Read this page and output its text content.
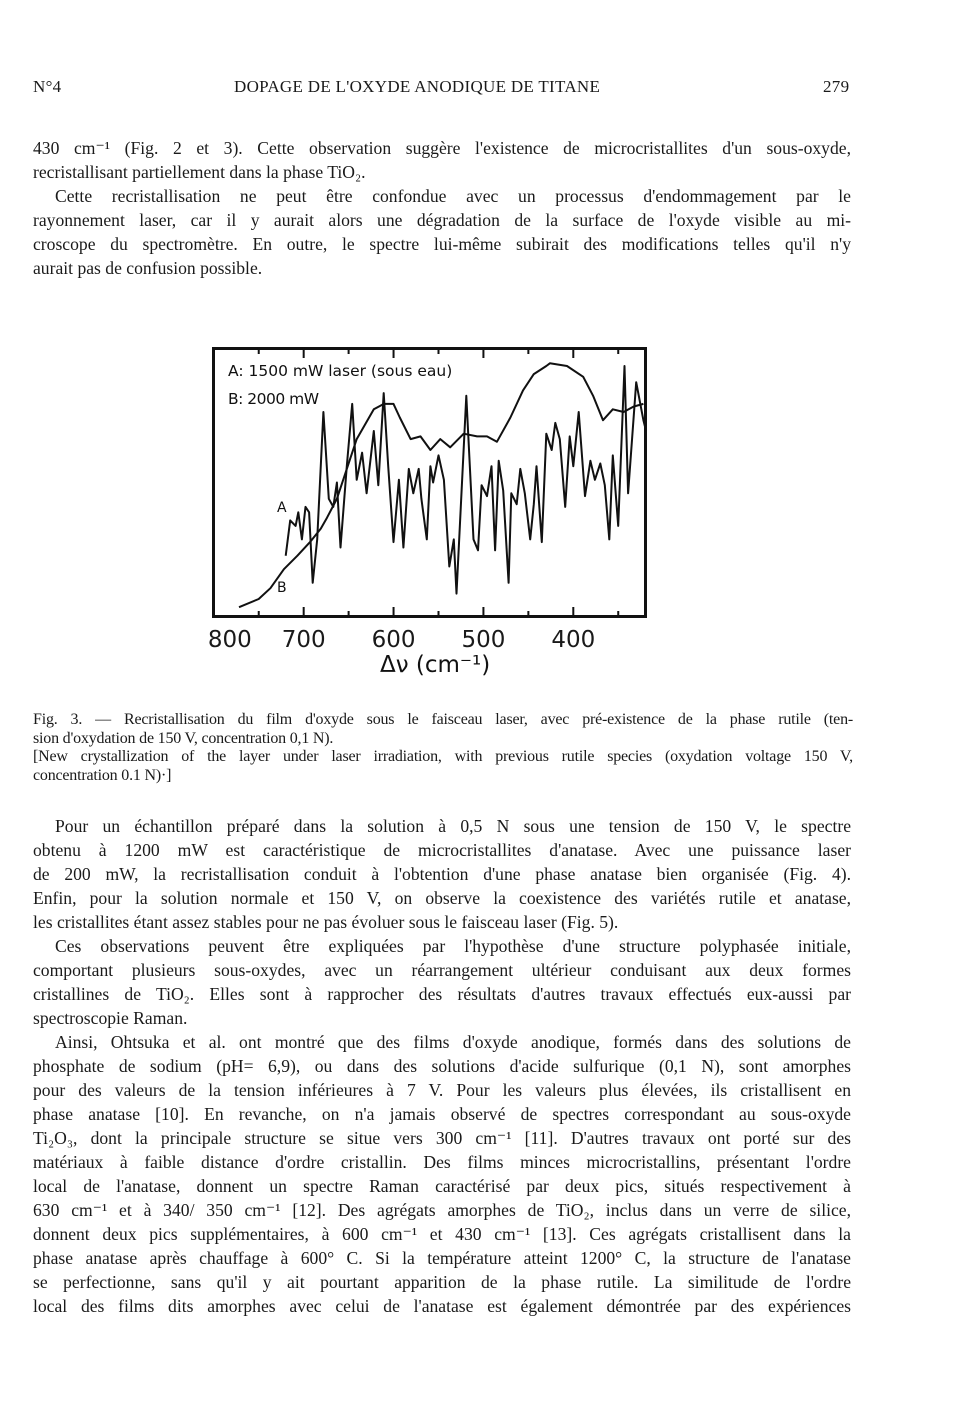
N°4	DOPAGE DE L'OXYDE ANODIQUE DE TITANE	279
430 cm⁻¹ (Fig. 2 et 3). Cette observation suggère l'existence de microcristallites d'un sous-oxyde,
recristallisant partiellement dans la phase TiO₂.
Cette recristallisation ne peut être confondue avec un processus d'endommagement par le
rayonnement laser, car il y aurait alors une dégradation de la surface de l'oxyde visible au mi-
croscope du spectromètre. En outre, le spectre lui-même subirait des modifications telles qu'il n'y
aurait pas de confusion possible.
A: 1500 mW laser (sous eau)
B: 2000 mW
A
B
800 700 600 500 400
Δν (cm⁻¹)
Fig. 3. — Recristallisation du film d'oxyde sous le faisceau laser, avec pré-existence de la phase rutile (ten-
sion d'oxydation de 150 V, concentration 0,1 N).
[New crystallization of the layer under laser irradiation, with previous rutile species (oxydation voltage 150 V,
concentration 0.1 N)·]
Pour un échantillon préparé dans la solution à 0,5 N sous une tension de 150 V, le spectre
obtenu à 1200 mW est caractéristique de microcristallites d'anatase. Avec une puissance laser
de 200 mW, la recristallisation conduit à l'obtention d'une phase anatase bien organisée (Fig. 4).
Enfin, pour la solution normale et 150 V, on observe la coexistence des variétés rutile et anatase,
les cristallites étant assez stables pour ne pas évoluer sous le faisceau laser (Fig. 5).
Ces observations peuvent être expliquées par l'hypothèse d'une structure polyphasée initiale,
comportant plusieurs sous-oxydes, avec un réarrangement ultérieur conduisant aux deux formes
cristallines de TiO₂. Elles sont à rapprocher des résultats d'autres travaux effectués eux-aussi par
spectroscopie Raman.
Ainsi, Ohtsuka et al. ont montré que des films d'oxyde anodique, formés dans des solutions de
phosphate de sodium (pH= 6,9), ou dans des solutions d'acide sulfurique (0,1 N), sont amorphes
pour des valeurs de la tension inférieures à 7 V. Pour les valeurs plus élevées, ils cristallisent en
phase anatase [10]. En revanche, on n'a jamais observé de spectres correspondant au sous-oxyde
Ti₂O₃, dont la principale structure se situe vers 300 cm⁻¹ [11]. D'autres travaux ont porté sur des
matériaux à faible distance d'ordre cristallin. Des films minces microcristallins, présentant l'ordre
local de l'anatase, donnent un spectre Raman caractérisé par deux pics, situés respectivement à
630 cm⁻¹ et à 340/ 350 cm⁻¹ [12]. Des agrégats amorphes de TiO₂, inclus dans un verre de silice,
donnent deux pics supplémentaires, à 600 cm⁻¹ et 430 cm⁻¹ [13]. Ces agrégats cristallisent dans la
phase anatase après chauffage à 600° C. Si la température atteint 1200° C, la structure de l'anatase
se perfectionne, sans qu'il y ait pourtant apparition de la phase rutile. La similitude de l'ordre
local des films dits amorphes avec celui de l'anatase est également démontrée par des expériences
